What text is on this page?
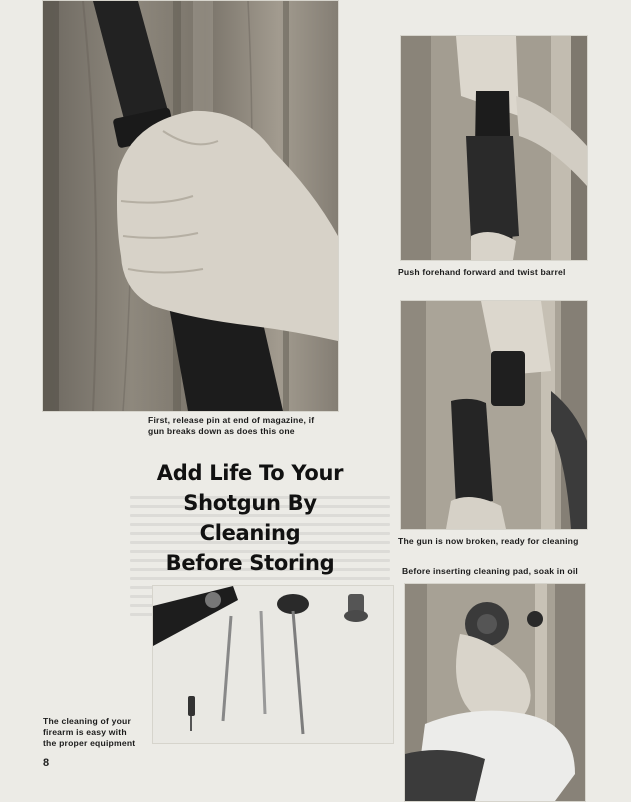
First, release pin at end of magazine, if
gun breaks down as does this one
Push forehand forward and twist barrel
The gun is now broken, ready for cleaning
Before inserting cleaning pad, soak in oil
Add Life To Your
Shotgun By Cleaning
Before Storing
The cleaning of your
firearm is easy with
the proper equipment
8
